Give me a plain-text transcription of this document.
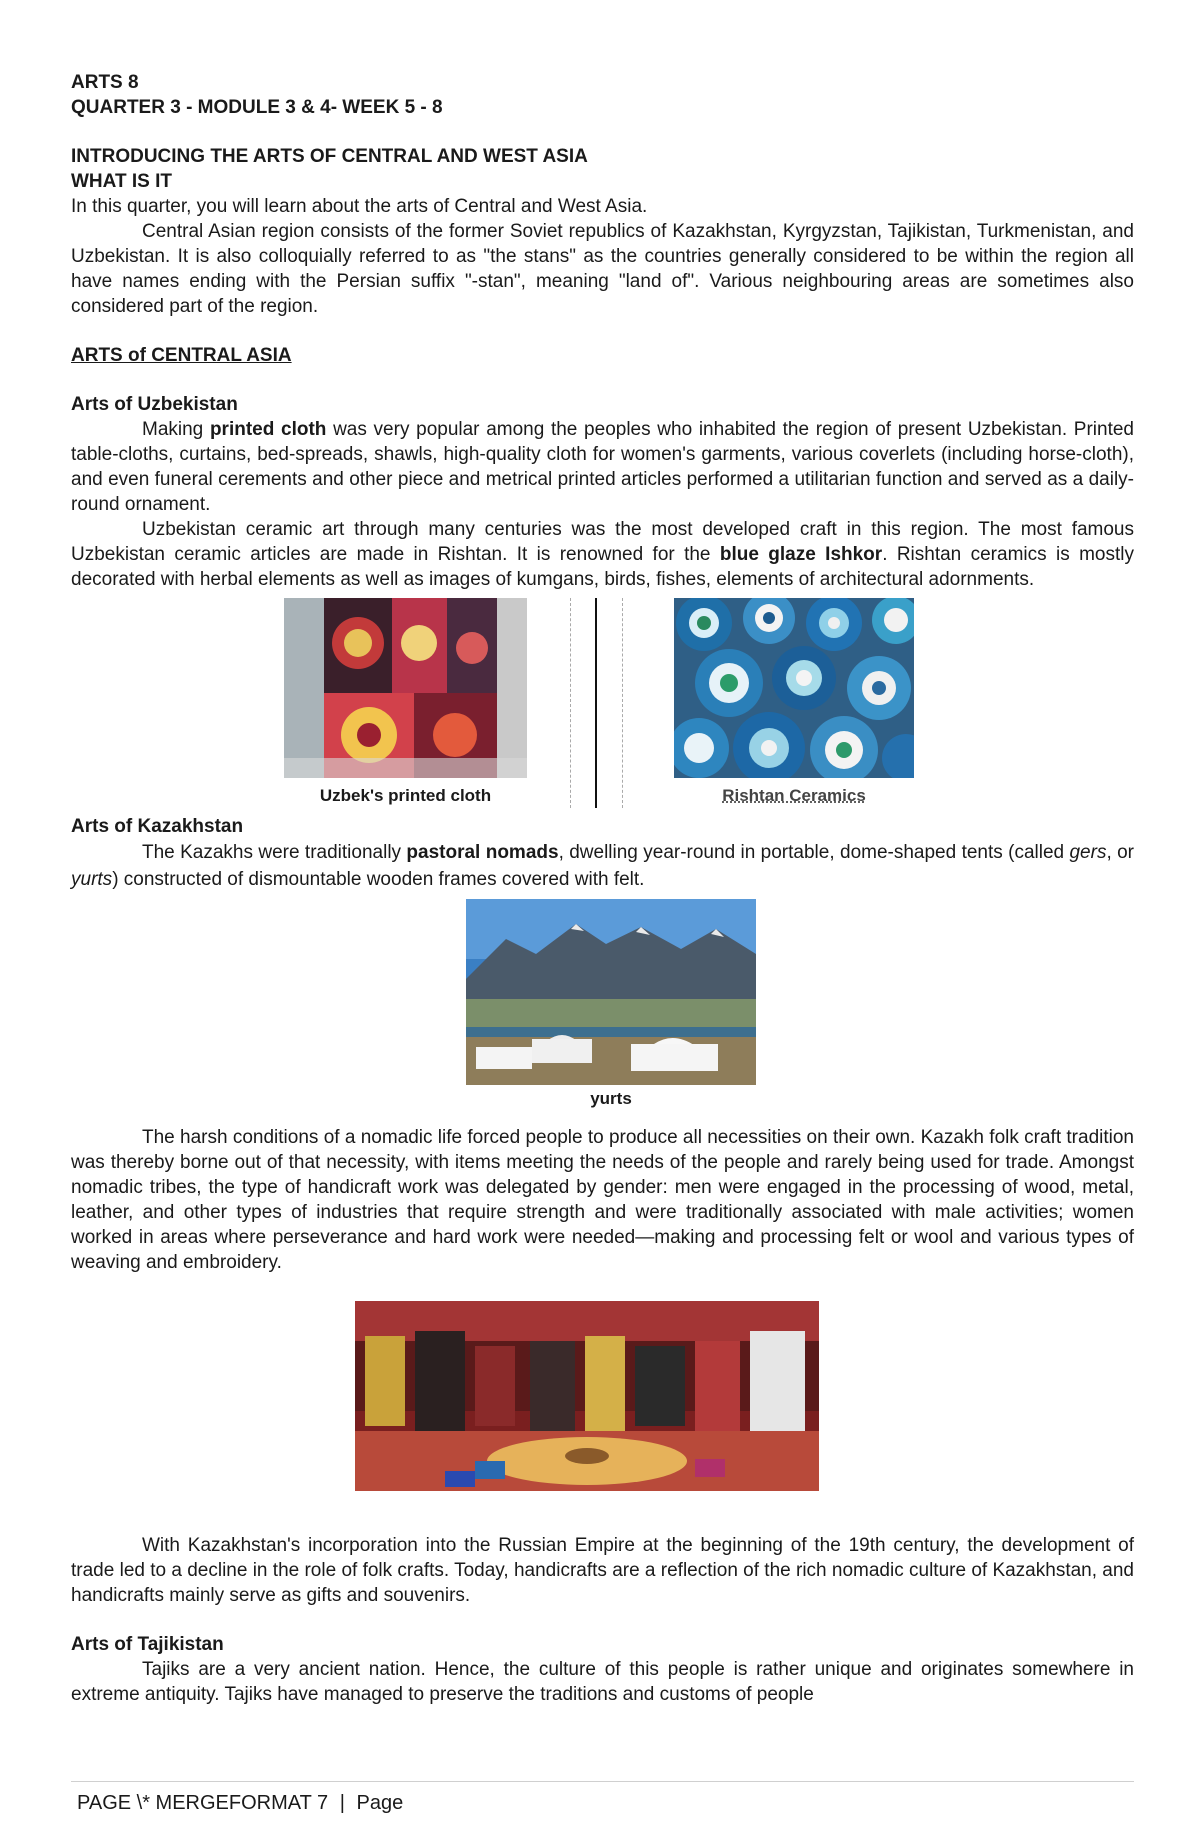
ARTS 8
QUARTER 3 - MODULE 3 & 4- WEEK 5 - 8
INTRODUCING THE ARTS OF CENTRAL AND WEST ASIA
WHAT IS IT

In this quarter, you will learn about the arts of Central and West Asia.

Central Asian region consists of the former Soviet republics of Kazakhstan, Kyrgyzstan, Tajikistan, Turkmenistan, and Uzbekistan. It is also colloquially referred to as "the stans" as the countries generally considered to be within the region all have names ending with the Persian suffix "-stan", meaning "land of". Various neighbouring areas are sometimes also considered part of the region.

ARTS of CENTRAL ASIA
Arts of Uzbekistan

Making printed cloth was very popular among the peoples who inhabited the region of present Uzbekistan. Printed table-cloths, curtains, bed-spreads, shawls, high-quality cloth for women's garments, various coverlets (including horse-cloth), and even funeral cerements and other piece and metrical printed articles performed a utilitarian function and served as a daily-round ornament.

Uzbekistan ceramic art through many centuries was the most developed craft in this region. The most famous Uzbekistan ceramic articles are made in Rishtan. It is renowned for the blue glaze Ishkor. Rishtan ceramics is mostly decorated with herbal elements as well as images of kumgans, birds, fishes, elements of architectural adornments.

Uzbek's printed cloth	Rishtan Ceramics
Arts of Kazakhstan

The Kazakhs were traditionally pastoral nomads, dwelling year-round in portable, dome-shaped tents (called gers, or yurts) constructed of dismountable wooden frames covered with felt.

yurts

The harsh conditions of a nomadic life forced people to produce all necessities on their own. Kazakh folk craft tradition was thereby borne out of that necessity, with items meeting the needs of the people and rarely being used for trade. Amongst nomadic tribes, the type of handicraft work was delegated by gender: men were engaged in the processing of wood, metal, leather, and other types of industries that require strength and were traditionally associated with male activities; women worked in areas where perseverance and hard work were needed—making and processing felt or wool and various types of weaving and embroidery.

With Kazakhstan's incorporation into the Russian Empire at the beginning of the 19th century, the development of trade led to a decline in the role of folk crafts. Today, handicrafts are a reflection of the rich nomadic culture of Kazakhstan, and handicrafts mainly serve as gifts and souvenirs.

Arts of Tajikistan

Tajiks are a very ancient nation. Hence, the culture of this people is rather unique and originates somewhere in extreme antiquity. Tajiks have managed to preserve the traditions and customs of people

PAGE \* MERGEFORMAT 7 | Page
